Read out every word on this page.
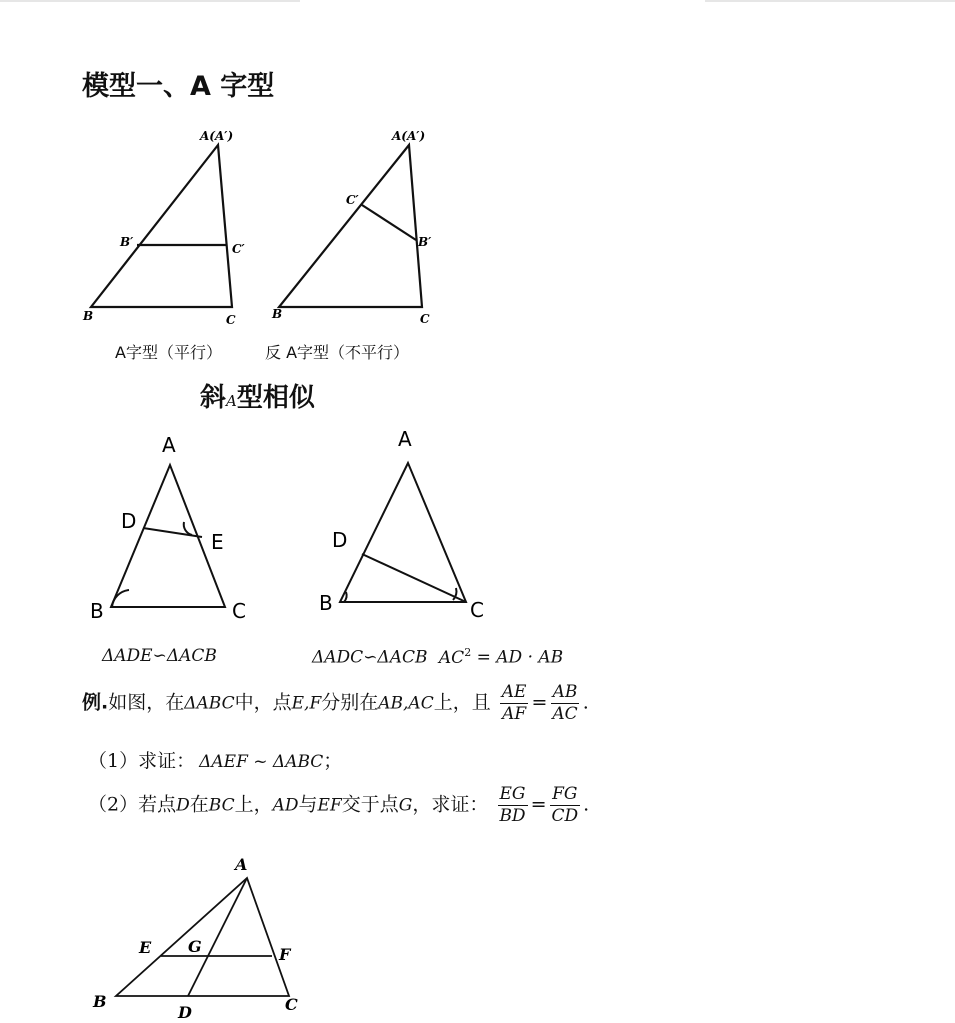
模型一、A 字型
A(A′)
B	C
B′	C′
A字型（平行）
A(A′)
B	C
B′
C′
反 A字型（不平行）
斜A型相似
A
D
E
B	C
ΔADE∽ΔACB
A
D
B	C
ΔADC∽ΔACB $AC^2$ = AD · AB
例.如图，在ΔABC中，点E,F分别在AB,AC上，且 $\frac{AE}{AF} = \frac{AB}{AC}$ .
（1）求证： ΔAEF ~ ΔABC；
（2）若点D在BC上，AD与EF交于点G，求证： $\frac{EG}{BD} = \frac{FG}{CD}$ .
A
E G	F
B
D	C
